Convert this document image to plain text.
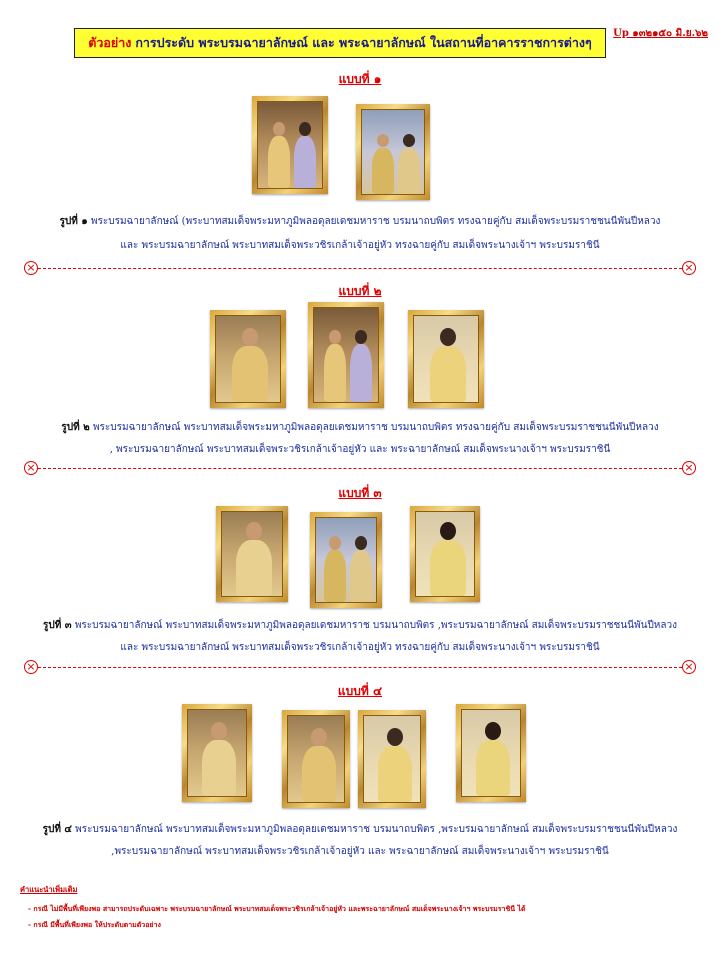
ตัวอย่าง การประดับ พระบรมฉายาลักษณ์ และ พระฉายาลักษณ์ ในสถานที่อาคารราชการต่างๆ
Up ๑๓๒๑๕๐ มิ.ย.๖๒
แบบที่ ๑
รูปที่ ๑ พระบรมฉายาลักษณ์ (พระบาทสมเด็จพระมหาภูมิพลอดุลยเดชมหาราช บรมนาถบพิตร ทรงฉายคู่กับ สมเด็จพระบรมราชชนนีพันปีหลวง
และ พระบรมฉายาลักษณ์ พระบาทสมเด็จพระวชิรเกล้าเจ้าอยู่หัว ทรงฉายคู่กับ สมเด็จพระนางเจ้าฯ พระบรมราชินี
×	×
แบบที่ ๒
รูปที่ ๒ พระบรมฉายาลักษณ์ พระบาทสมเด็จพระมหาภูมิพลอดุลยเดชมหาราช บรมนาถบพิตร ทรงฉายคู่กับ สมเด็จพระบรมราชชนนีพันปีหลวง
, พระบรมฉายาลักษณ์ พระบาทสมเด็จพระวชิรเกล้าเจ้าอยู่หัว และ พระฉายาลักษณ์ สมเด็จพระนางเจ้าฯ พระบรมราชินี
×	×
แบบที่ ๓
รูปที่ ๓ พระบรมฉายาลักษณ์ พระบาทสมเด็จพระมหาภูมิพลอดุลยเดชมหาราช บรมนาถบพิตร ,พระบรมฉายาลักษณ์ สมเด็จพระบรมราชชนนีพันปีหลวง
และ พระบรมฉายาลักษณ์ พระบาทสมเด็จพระวชิรเกล้าเจ้าอยู่หัว ทรงฉายคู่กับ สมเด็จพระนางเจ้าฯ พระบรมราชินี
×	×
แบบที่ ๔
รูปที่ ๔ พระบรมฉายาลักษณ์ พระบาทสมเด็จพระมหาภูมิพลอดุลยเดชมหาราช บรมนาถบพิตร ,พระบรมฉายาลักษณ์ สมเด็จพระบรมราชชนนีพันปีหลวง
,พระบรมฉายาลักษณ์ พระบาทสมเด็จพระวชิรเกล้าเจ้าอยู่หัว และ พระฉายาลักษณ์ สมเด็จพระนางเจ้าฯ พระบรมราชินี
คำแนะนำเพิ่มเติม
- กรณี ไม่มีพื้นที่เพียงพอ สามารถประดับเฉพาะ พระบรมฉายาลักษณ์ พระบาทสมเด็จพระวชิรเกล้าเจ้าอยู่หัว และพระฉายาลักษณ์ สมเด็จพระนางเจ้าฯ พระบรมราชินี ได้
- กรณี มีพื้นที่เพียงพอ ให้ประดับตามตัวอย่าง
